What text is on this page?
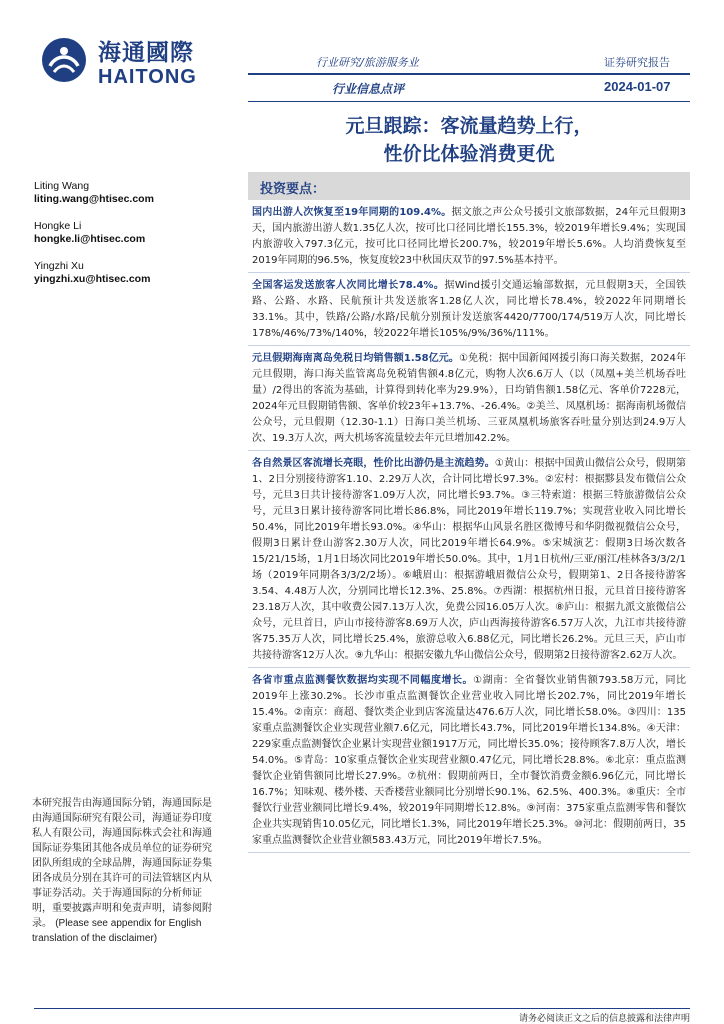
海通國際
HAITONG
行业研究/旅游服务业	证券研究报告
行业信息点评	2024-01-07
元旦跟踪：客流量趋势上行，
性价比体验消费更优
Liting Wang
liting.wang@htisec.com
Hongke Li
hongke.li@htisec.com
Yingzhi Xu
yingzhi.xu@htisec.com
投资要点：
国内出游人次恢复至19年同期的109.4%。据文旅之声公众号援引文旅部数据，24年元旦假期3天，国内旅游出游人数1.35亿人次，按可比口径同比增长155.3%，较2019年增长9.4%；实现国内旅游收入797.3亿元，按可比口径同比增长200.7%，较2019年增长5.6%。人均消费恢复至2019年同期的96.5%，恢复度较23中秋国庆双节的97.5%基本持平。
全国客运发送旅客人次同比增长78.4%。据Wind援引交通运输部数据，元旦假期3天，全国铁路、公路、水路、民航预计共发送旅客1.28亿人次，同比增长78.4%，较2022年同期增长33.1%。其中，铁路/公路/水路/民航分别预计发送旅客4420/7700/174/519万人次，同比增长178%/46%/73%/140%，较2022年增长105%/9%/36%/111%。
元旦假期海南离岛免税日均销售额1.58亿元。①免税：据中国新闻网援引海口海关数据，2024年元旦假期，海口海关监管离岛免税销售额4.8亿元，购物人次6.6万人（以（凤凰+美兰机场吞吐量）/2得出的客流为基础，计算得到转化率为29.9%），日均销售额1.58亿元、客单价7228元，2024年元旦假期销售额、客单价较23年+13.7%、-26.4%。②美兰、凤凰机场：据海南机场微信公众号，元旦假期（12.30-1.1）日海口美兰机场、三亚凤凰机场旅客吞吐量分别达到24.9万人次、19.3万人次，两大机场客流量较去年元旦增加42.2%。
各自然景区客流增长亮眼，性价比出游仍是主流趋势。①黄山：根据中国黄山微信公众号，假期第1、2日分别接待游客1.10、2.29万人次，合计同比增长97.3%。②宏村：根据黟县发布微信公众号，元旦3日共计接待游客1.09万人次，同比增长93.7%。③三特索道：根据三特旅游微信公众号，元旦3日累计接待游客同比增长86.8%，同比2019年增长119.7%；实现营业收入同比增长50.4%，同比2019年增长93.0%。④华山：根据华山风景名胜区微博号和华阴微视微信公众号，假期3日累计登山游客2.30万人次，同比2019年增长64.9%。⑤宋城演艺：假期3日场次数各15/21/15场，1月1日场次同比2019年增长50.0%。其中，1月1日杭州/三亚/丽江/桂林各3/3/2/1场（2019年同期各3/3/2/2场）。⑥峨眉山：根据游峨眉微信公众号，假期第1、2日各接待游客3.54、4.48万人次，分别同比增长12.3%、25.8%。⑦西湖：根据杭州日报，元旦首日接待游客23.18万人次，其中收费公园7.13万人次，免费公园16.05万人次。⑧庐山：根据九派文旅微信公众号，元旦首日，庐山市接待游客8.69万人次，庐山西海接待游客6.57万人次，九江市共接待游客75.35万人次，同比增长25.4%，旅游总收入6.88亿元，同比增长26.2%。元旦三天，庐山市共接待游客12万人次。⑨九华山：根据安徽九华山微信公众号，假期第2日接待游客2.62万人次。
各省市重点监测餐饮数据均实现不同幅度增长。①湖南：全省餐饮业销售额793.58万元，同比2019年上涨30.2%。长沙市重点监测餐饮企业营业收入同比增长202.7%，同比2019年增长15.4%。②南京：商超、餐饮类企业到店客流量达476.6万人次，同比增长58.0%。③四川：135家重点监测餐饮企业实现营业额7.6亿元，同比增长43.7%，同比2019年增长134.8%。④天津：229家重点监测餐饮企业累计实现营业额1917万元，同比增长35.0%；接待顾客7.8万人次，增长54.0%。⑤青岛：10家重点餐饮企业实现营业额0.47亿元，同比增长28.8%。⑥北京：重点监测餐饮企业销售额同比增长27.9%。⑦杭州：假期前两日，全市餐饮消费金额6.96亿元，同比增长16.7%；知味观、楼外楼、天香楼营业额同比分别增长90.1%、62.5%、400.3%。⑧重庆：全市餐饮行业营业额同比增长9.4%，较2019年同期增长12.8%。⑨河南：375家重点监测零售和餐饮企业共实现销售10.05亿元，同比增长1.3%，同比2019年增长25.3%。⑩河北：假期前两日，35家重点监测餐饮企业营业额583.43万元，同比2019年增长7.5%。
本研究报告由海通国际分销，海通国际是由海通国际研究有限公司，海通证券印度私人有限公司，海通国际株式会社和海通国际证券集团其他各成员单位的证券研究团队所组成的全球品牌，海通国际证券集团各成员分别在其许可的司法管辖区内从事证券活动。关于海通国际的分析师证明，重要披露声明和免责声明，请参阅附录。 (Please see appendix for English translation of the disclaimer)
请务必阅读正文之后的信息披露和法律声明
